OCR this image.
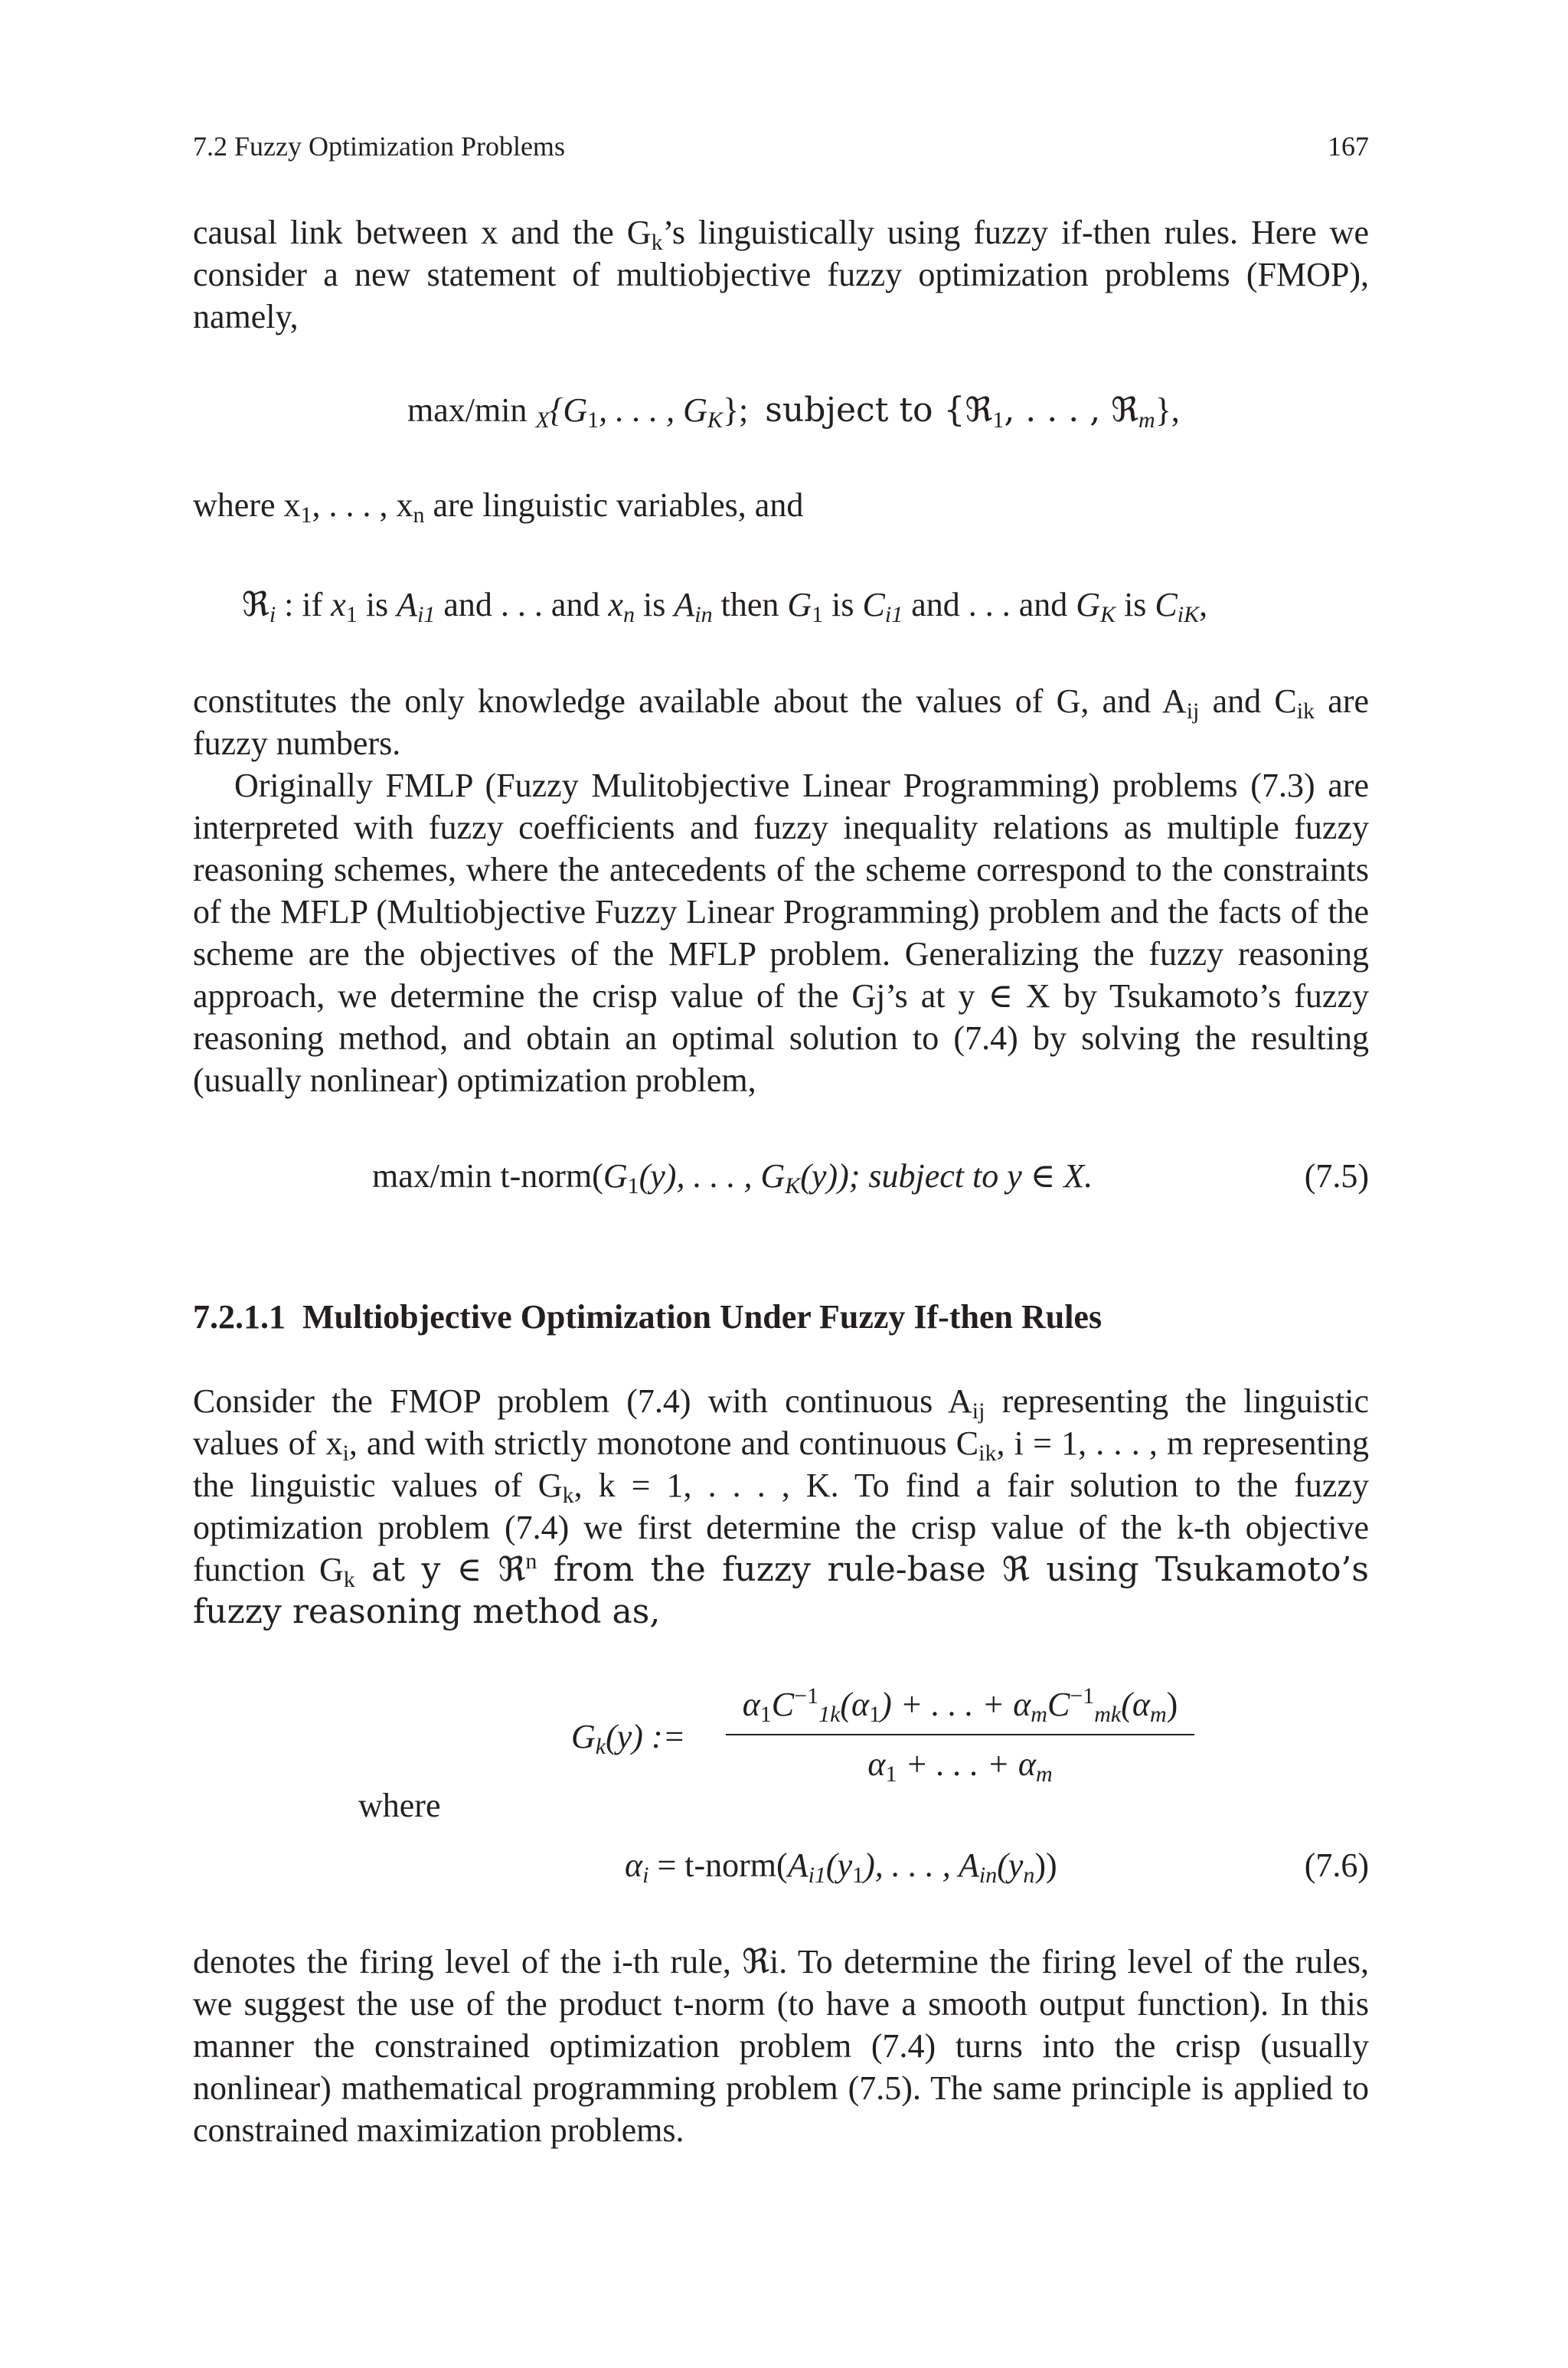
7.2 Fuzzy Optimization Problems	167
causal link between x and the $G_k’s$ linguistically using fuzzy if-then rules. Here we consider a new statement of multiobjective fuzzy optimization problems (FMOP), namely,
max/min $_X\{G_1$, . . . , $G_K$}; subject to {ℜ$_1$, . . . , ℜ$_m$},
where $x_1$, . . . , $x_n$ are linguistic variables, and
ℜ$_i$ : if $x_1$ is $A_{i1}$ and . . . and $x_n$ is $A_{in}$ then $G_1$ is $C_{i1}$ and . . . and $G_K$ is $C_{iK}$,
constitutes the only knowledge available about the values of G, and $A_{ij}$ and $C_{ik}$ are fuzzy numbers.
Originally FMLP (Fuzzy Mulitobjective Linear Programming) problems (7.3) are interpreted with fuzzy coefficients and fuzzy inequality relations as multiple fuzzy reasoning schemes, where the antecedents of the scheme correspond to the constraints of the MFLP (Multiobjective Fuzzy Linear Programming) problem and the facts of the scheme are the objectives of the MFLP problem. Generalizing the fuzzy reasoning approach, we determine the crisp value of the Gj’s at y ∈ X by Tsukamoto’s fuzzy reasoning method, and obtain an optimal solution to (7.4) by solving the resulting (usually nonlinear) optimization problem,
max/min $t-norm(G_1(y)$, . . . , $G_K(y)$); subject to y ∈ X.	(7.5)
7.2.1.1 Multiobjective Optimization Under Fuzzy If-then Rules
Consider the FMOP problem (7.4) with continuous $A_{ij}$ representing the linguistic values of $x_i$, and with strictly monotone and continuous $C_{ik}$, i = 1, . . . , m representing the linguistic values of $G_k$, k = 1, . . . , K. To find a fair solution to the fuzzy optimization problem (7.4) we first determine the crisp value of the k-th objective function $G_k$ at y ∈ ℜ$^n$ from the fuzzy rule-base ℜ using Tsukamoto’s fuzzy reasoning method as,
$G_k(y)$ :=
$\alpha_1C^{-1}_{1k}(\alpha_1)$ + . . . + $\alpha_mC^{-1}_{mk}(\alpha_m)$
$\alpha_1$ + . . . + $\alpha_m$
where
$\alpha_i$ = $t-norm(A_{i1}(y_1)$, . . . , $A_{in}(y_n)$)	(7.6)
denotes the firing level of the i-th rule, ℜi. To determine the firing level of the rules, we suggest the use of the product t-norm (to have a smooth output function). In this manner the constrained optimization problem (7.4) turns into the crisp (usually nonlinear) mathematical programming problem (7.5). The same principle is applied to constrained maximization problems.
